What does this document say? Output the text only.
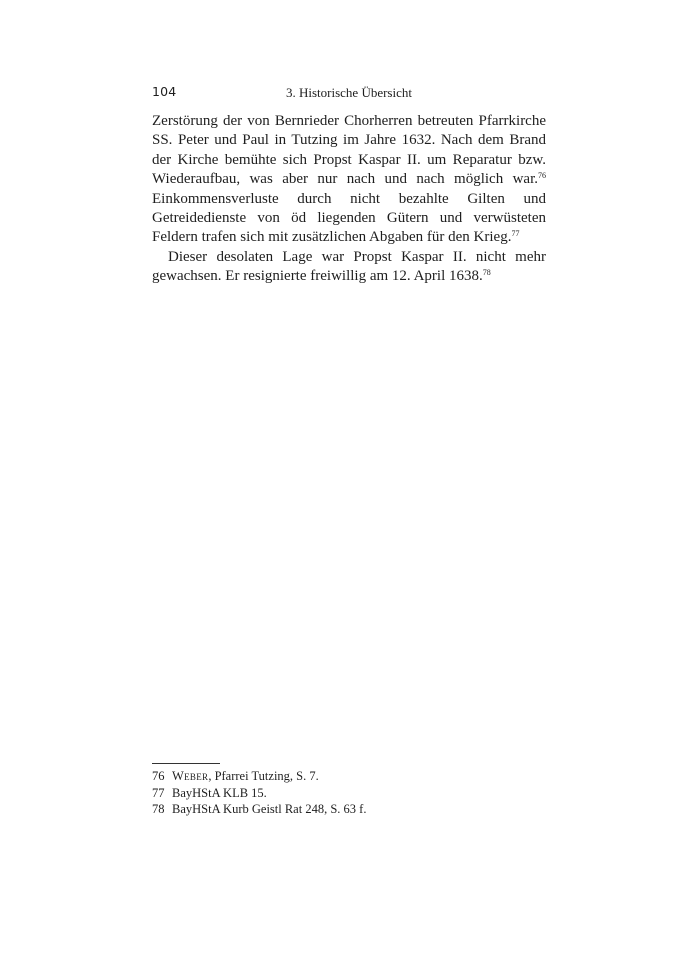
104	3. Historische Übersicht

Zerstörung der von Bernrieder Chorherren betreuten Pfarrkirche SS. Peter und Paul in Tutzing im Jahre 1632. Nach dem Brand der Kirche bemühte sich Propst Kaspar II. um Reparatur bzw. Wiederaufbau, was aber nur nach und nach möglich war.$^{76}$ Einkommensverluste durch nicht bezahlte Gilten und Getreidedienste von öd liegenden Gütern und verwüsteten Feldern trafen sich mit zusätzlichen Abgaben für den Krieg.$^{77}$

Dieser desolaten Lage war Propst Kaspar II. nicht mehr gewachsen. Er resignierte freiwillig am 12. April 1638.78

76 Weber, Pfarrei Tutzing, S. 7.
77 BayHStA KLB 15.
78 BayHStA Kurb Geistl Rat 248, S. 63 f.
